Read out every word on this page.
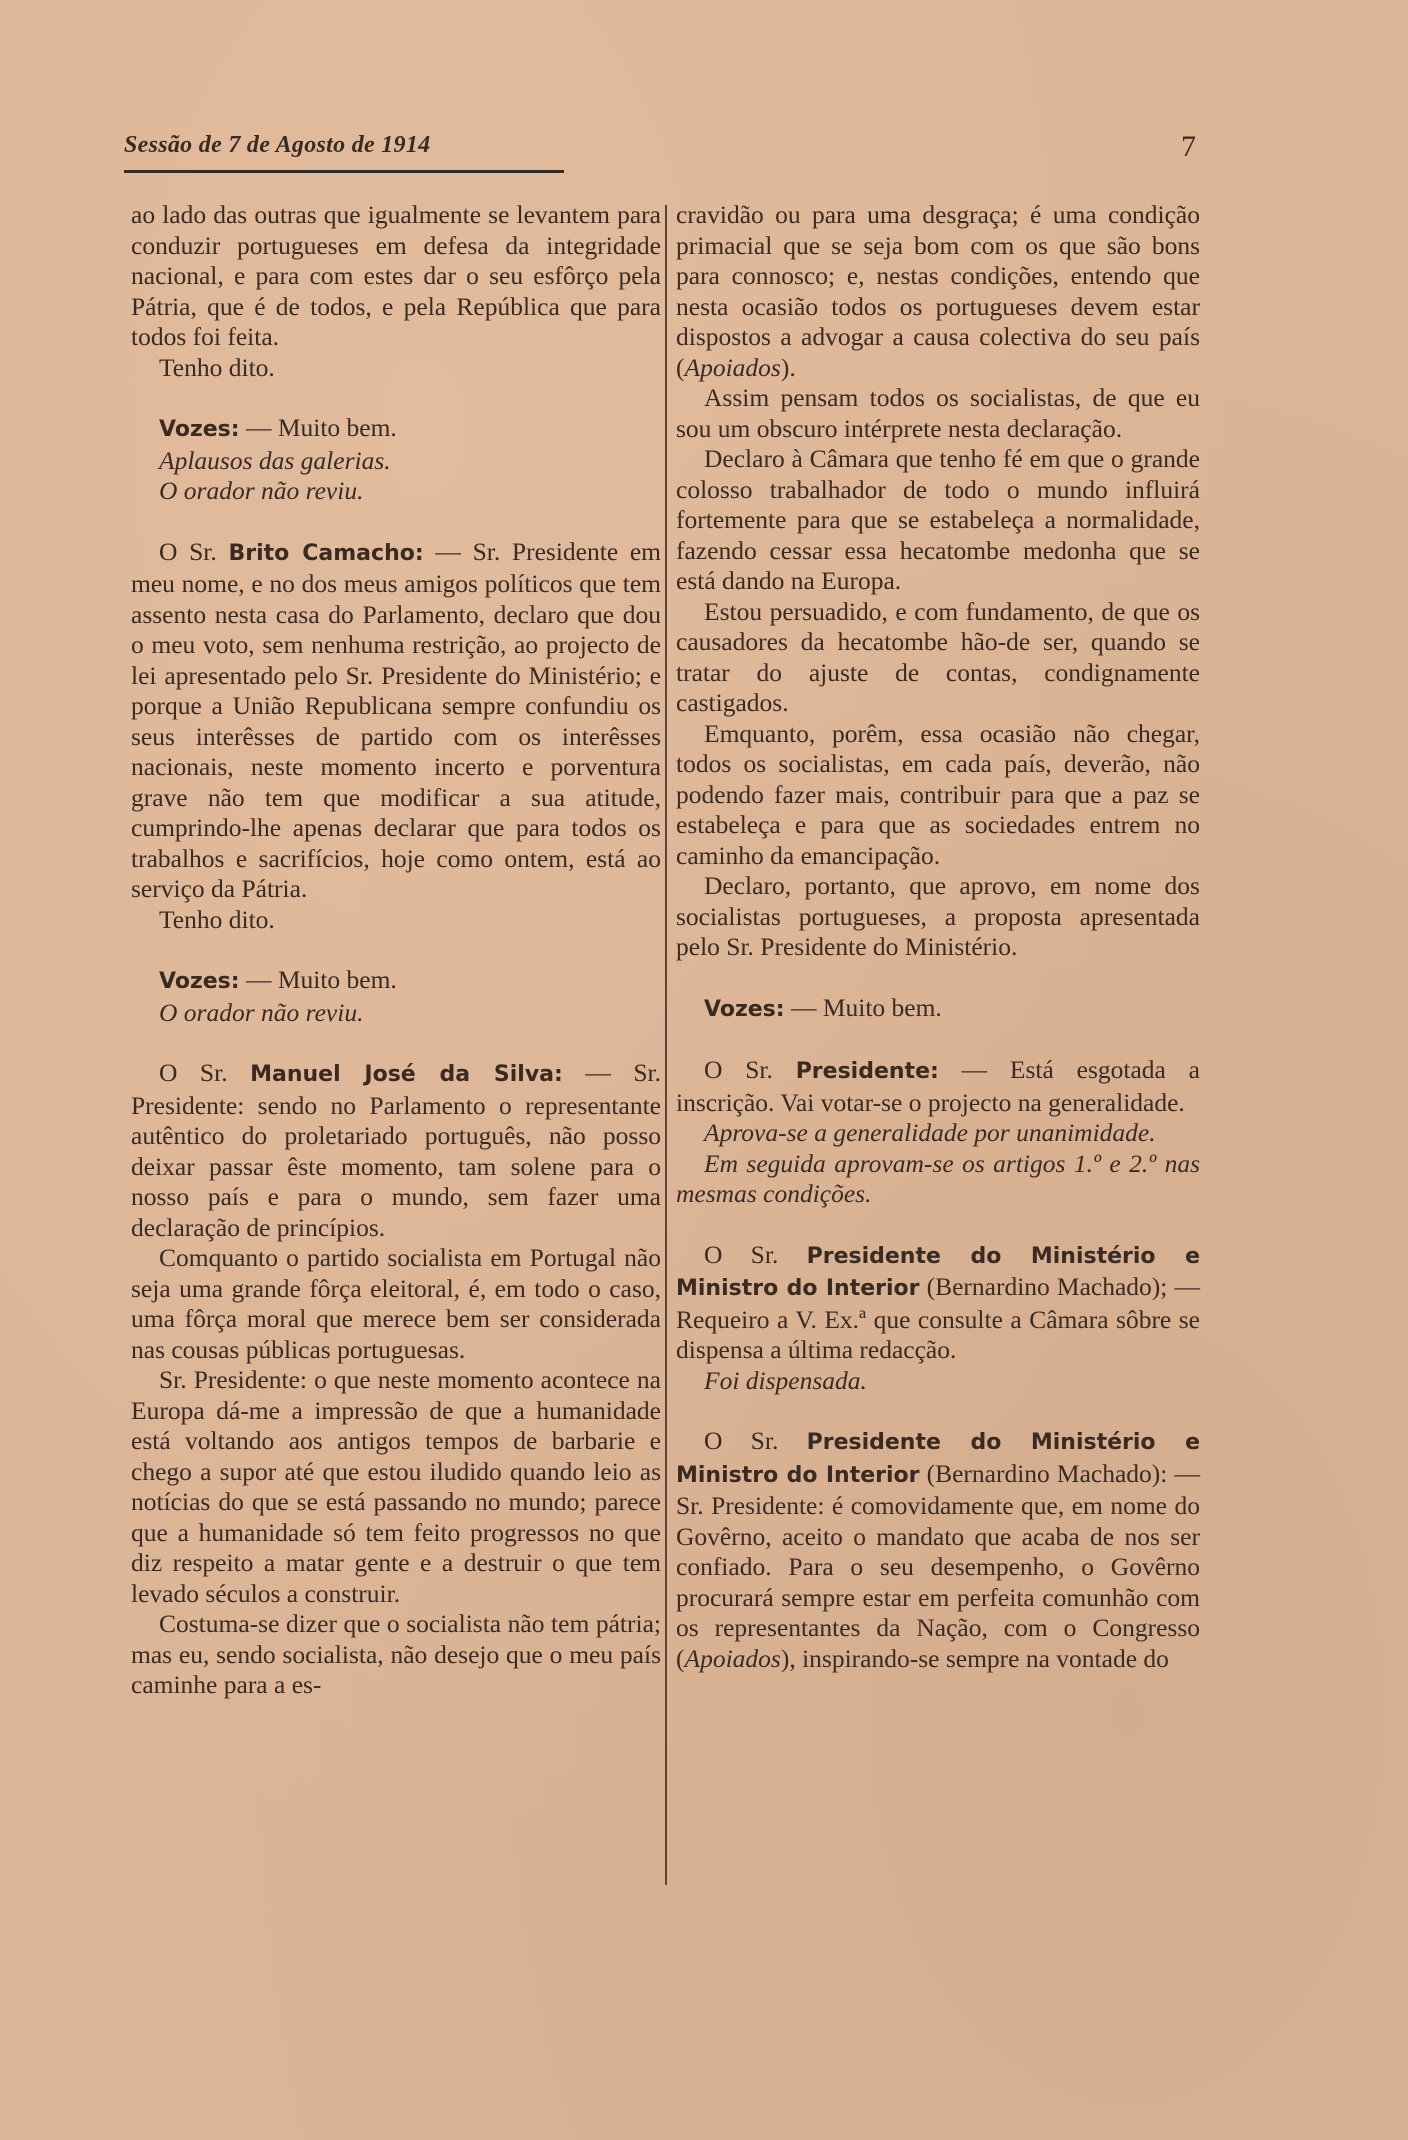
Sessão de 7 de Agosto de 1914	7

ao lado das outras que igualmente se levantem para conduzir portugueses em defesa da integridade nacional, e para com estes dar o seu esfôrço pela Pátria, que é de todos, e pela República que para todos foi feita.

Tenho dito.

Vozes: — Muito bem.

Aplausos das galerias.

O orador não reviu.

O Sr. Brito Camacho: — Sr. Presidente em meu nome, e no dos meus amigos políticos que tem assento nesta casa do Parlamento, declaro que dou o meu voto, sem nenhuma restrição, ao projecto de lei apresentado pelo Sr. Presidente do Ministério; e porque a União Republicana sempre confundiu os seus interêsses de partido com os interêsses nacionais, neste momento incerto e porventura grave não tem que modificar a sua atitude, cumprindo-lhe apenas declarar que para todos os trabalhos e sacrifícios, hoje como ontem, está ao serviço da Pátria.

Tenho dito.

Vozes: — Muito bem.

O orador não reviu.

O Sr. Manuel José da Silva: — Sr. Presidente: sendo no Parlamento o representante autêntico do proletariado português, não posso deixar passar êste momento, tam solene para o nosso país e para o mundo, sem fazer uma declaração de princípios.

Comquanto o partido socialista em Portugal não seja uma grande fôrça eleitoral, é, em todo o caso, uma fôrça moral que merece bem ser considerada nas cousas públicas portuguesas.

Sr. Presidente: o que neste momento acontece na Europa dá-me a impressão de que a humanidade está voltando aos antigos tempos de barbarie e chego a supor até que estou iludido quando leio as notícias do que se está passando no mundo; parece que a humanidade só tem feito progressos no que diz respeito a matar gente e a destruir o que tem levado séculos a construir.

Costuma-se dizer que o socialista não tem pátria; mas eu, sendo socialista, não desejo que o meu país caminhe para a es-

cravidão ou para uma desgraça; é uma condição primacial que se seja bom com os que são bons para connosco; e, nestas condições, entendo que nesta ocasião todos os portugueses devem estar dispostos a advogar a causa colectiva do seu país (Apoiados).

Assim pensam todos os socialistas, de que eu sou um obscuro intérprete nesta declaração.

Declaro à Câmara que tenho fé em que o grande colosso trabalhador de todo o mundo influirá fortemente para que se estabeleça a normalidade, fazendo cessar essa hecatombe medonha que se está dando na Europa.

Estou persuadido, e com fundamento, de que os causadores da hecatombe hão-de ser, quando se tratar do ajuste de contas, condignamente castigados.

Emquanto, porêm, essa ocasião não chegar, todos os socialistas, em cada país, deverão, não podendo fazer mais, contribuir para que a paz se estabeleça e para que as sociedades entrem no caminho da emancipação.

Declaro, portanto, que aprovo, em nome dos socialistas portugueses, a proposta apresentada pelo Sr. Presidente do Ministério.

Vozes: — Muito bem.

O Sr. Presidente: — Está esgotada a inscrição. Vai votar-se o projecto na generalidade.

Aprova-se a generalidade por unanimidade.

Em seguida aprovam-se os artigos 1.º e 2.º nas mesmas condições.

O Sr. Presidente do Ministério e Ministro do Interior (Bernardino Machado); — Requeiro a V. Ex.ª que consulte a Câmara sôbre se dispensa a última redacção.

Foi dispensada.

O Sr. Presidente do Ministério e Ministro do Interior (Bernardino Machado): — Sr. Presidente: é comovidamente que, em nome do Govêrno, aceito o mandato que acaba de nos ser confiado. Para o seu desempenho, o Govêrno procurará sempre estar em perfeita comunhão com os representantes da Nação, com o Congresso (Apoiados), inspirando-se sempre na vontade do
